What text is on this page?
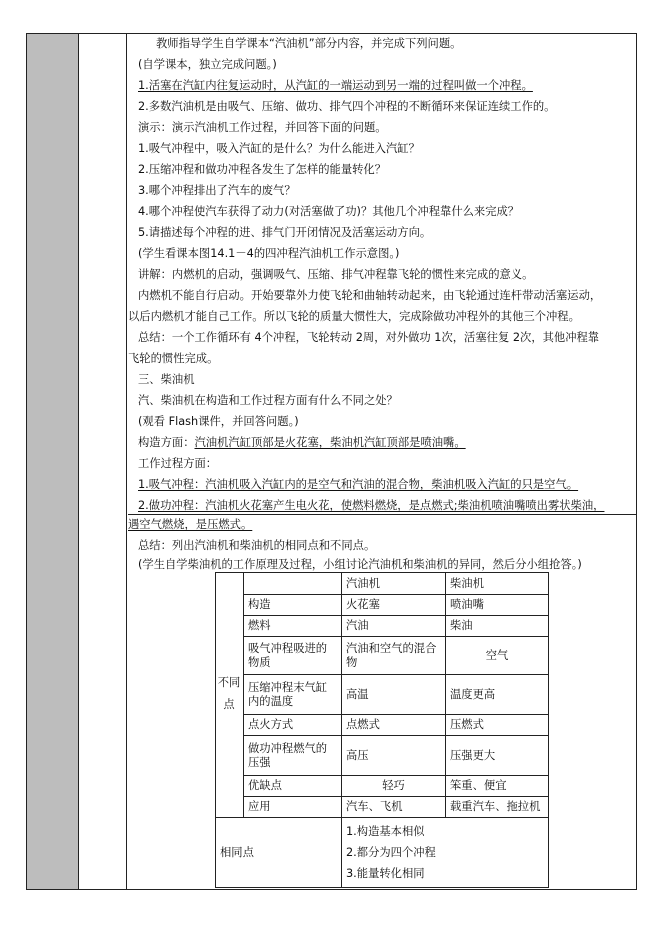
教师指导学生自学课本“汽油机”部分内容，并完成下列问题。
(自学课本，独立完成问题。)
1.活塞在汽缸内往复运动时，从汽缸的一端运动到另一端的过程叫做一个冲程。
2.多数汽油机是由吸气、压缩、做功、排气四个冲程的不断循环来保证连续工作的。
演示：演示汽油机工作过程，并回答下面的问题。
1.吸气冲程中，吸入汽缸的是什么？为什么能进入汽缸？
2.压缩冲程和做功冲程各发生了怎样的能量转化？
3.哪个冲程排出了汽车的废气？
4.哪个冲程使汽车获得了动力(对活塞做了功)？其他几个冲程靠什么来完成？
5.请描述每个冲程的进、排气门开闭情况及活塞运动方向。
(学生看课本图14.1－4的四冲程汽油机工作示意图。)
讲解：内燃机的启动，强调吸气、压缩、排气冲程靠飞轮的惯性来完成的意义。
内燃机不能自行启动。开始要靠外力使飞轮和曲轴转动起来，由飞轮通过连杆带动活塞运动，
以后内燃机才能自己工作。所以飞轮的质量大惯性大，完成除做功冲程外的其他三个冲程。
总结：一个工作循环有 4个冲程，飞轮转动 2周，对外做功 1次，活塞往复 2次，其他冲程靠
飞轮的惯性完成。
三、柴油机
汽、柴油机在构造和工作过程方面有什么不同之处？
(观看 Flash课件，并回答问题。)
构造方面：汽油机汽缸顶部是火花塞，柴油机汽缸顶部是喷油嘴。
工作过程方面：
1.吸气冲程：汽油机吸入汽缸内的是空气和汽油的混合物，柴油机吸入汽缸的只是空气。
2.做功冲程：汽油机火花塞产生电火花，使燃料燃烧，是点燃式;柴油机喷油嘴喷出雾状柴油，
遇空气燃烧，是压燃式。
总结：列出汽油机和柴油机的相同点和不同点。
(学生自学柴油机的工作原理及过程，小组讨论汽油机和柴油机的异同，然后分小组抢答。)
		汽油机	柴油机
	构造	火花塞	喷油嘴
	燃料	汽油	柴油
	吸气冲程吸进的物质	汽油和空气的混合物	空气
	压缩冲程末气缸内的温度	高温	温度更高
	点火方式	点燃式	压燃式
	做功冲程燃气的压强	高压	压强更大
	优缺点	轻巧	笨重、便宜
	应用	汽车、飞机	载重汽车、拖拉机
相同点		1.构造基本相似
2.都分为四个冲程
3.能量转化相同	
不同点
